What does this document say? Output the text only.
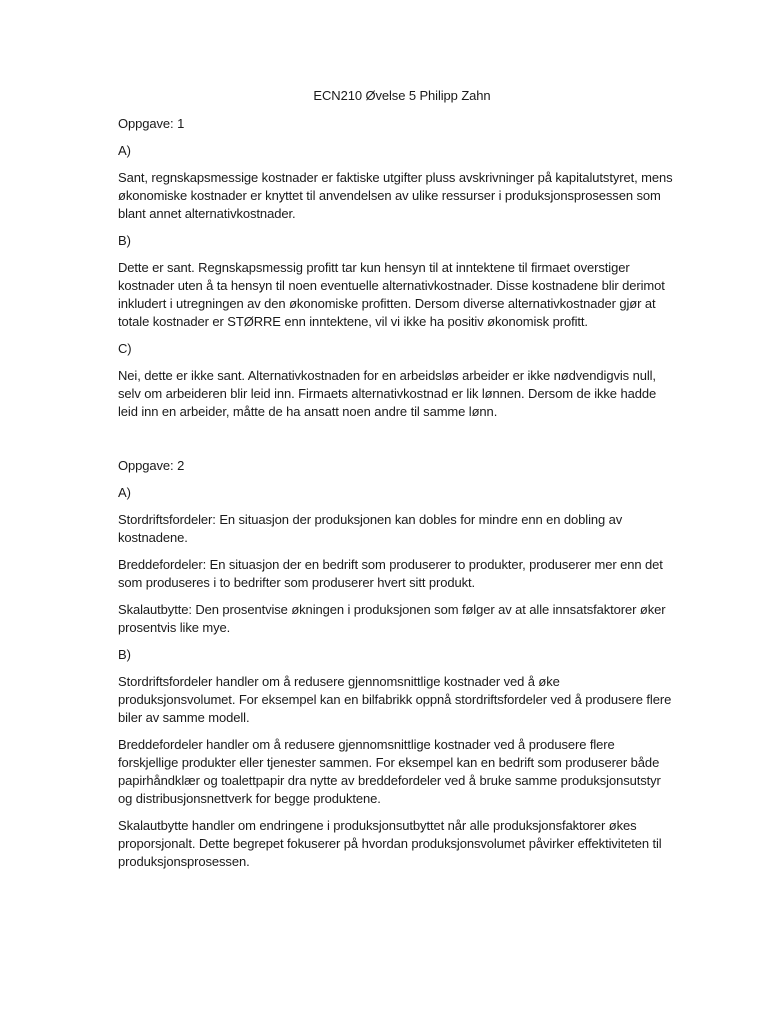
ECN210 Øvelse 5 Philipp Zahn
Oppgave: 1
A)
Sant, regnskapsmessige kostnader er faktiske utgifter pluss avskrivninger på kapitalutstyret, mens økonomiske kostnader er knyttet til anvendelsen av ulike ressurser i produksjonsprosessen som blant annet alternativkostnader.
B)
Dette er sant. Regnskapsmessig profitt tar kun hensyn til at inntektene til firmaet overstiger kostnader uten å ta hensyn til noen eventuelle alternativkostnader. Disse kostnadene blir derimot inkludert i utregningen av den økonomiske profitten. Dersom diverse alternativkostnader gjør at totale kostnader er STØRRE enn inntektene, vil vi ikke ha positiv økonomisk profitt.
C)
Nei, dette er ikke sant. Alternativkostnaden for en arbeidsløs arbeider er ikke nødvendigvis null, selv om arbeideren blir leid inn. Firmaets alternativkostnad er lik lønnen. Dersom de ikke hadde leid inn en arbeider, måtte de ha ansatt noen andre til samme lønn.
Oppgave: 2
A)
Stordriftsfordeler: En situasjon der produksjonen kan dobles for mindre enn en dobling av kostnadene.
Breddefordeler: En situasjon der en bedrift som produserer to produkter, produserer mer enn det som produseres i to bedrifter som produserer hvert sitt produkt.
Skalautbytte: Den prosentvise økningen i produksjonen som følger av at alle innsatsfaktorer øker prosentvis like mye.
B)
Stordriftsfordeler handler om å redusere gjennomsnittlige kostnader ved å øke produksjonsvolumet. For eksempel kan en bilfabrikk oppnå stordriftsfordeler ved å produsere flere biler av samme modell.
Breddefordeler handler om å redusere gjennomsnittlige kostnader ved å produsere flere forskjellige produkter eller tjenester sammen. For eksempel kan en bedrift som produserer både papirhåndklær og toalettpapir dra nytte av breddefordeler ved å bruke samme produksjonsutstyr og distribusjonsnettverk for begge produktene.
Skalautbytte handler om endringene i produksjonsutbyttet når alle produksjonsfaktorer økes proporsjonalt. Dette begrepet fokuserer på hvordan produksjonsvolumet påvirker effektiviteten til produksjonsprosessen.
